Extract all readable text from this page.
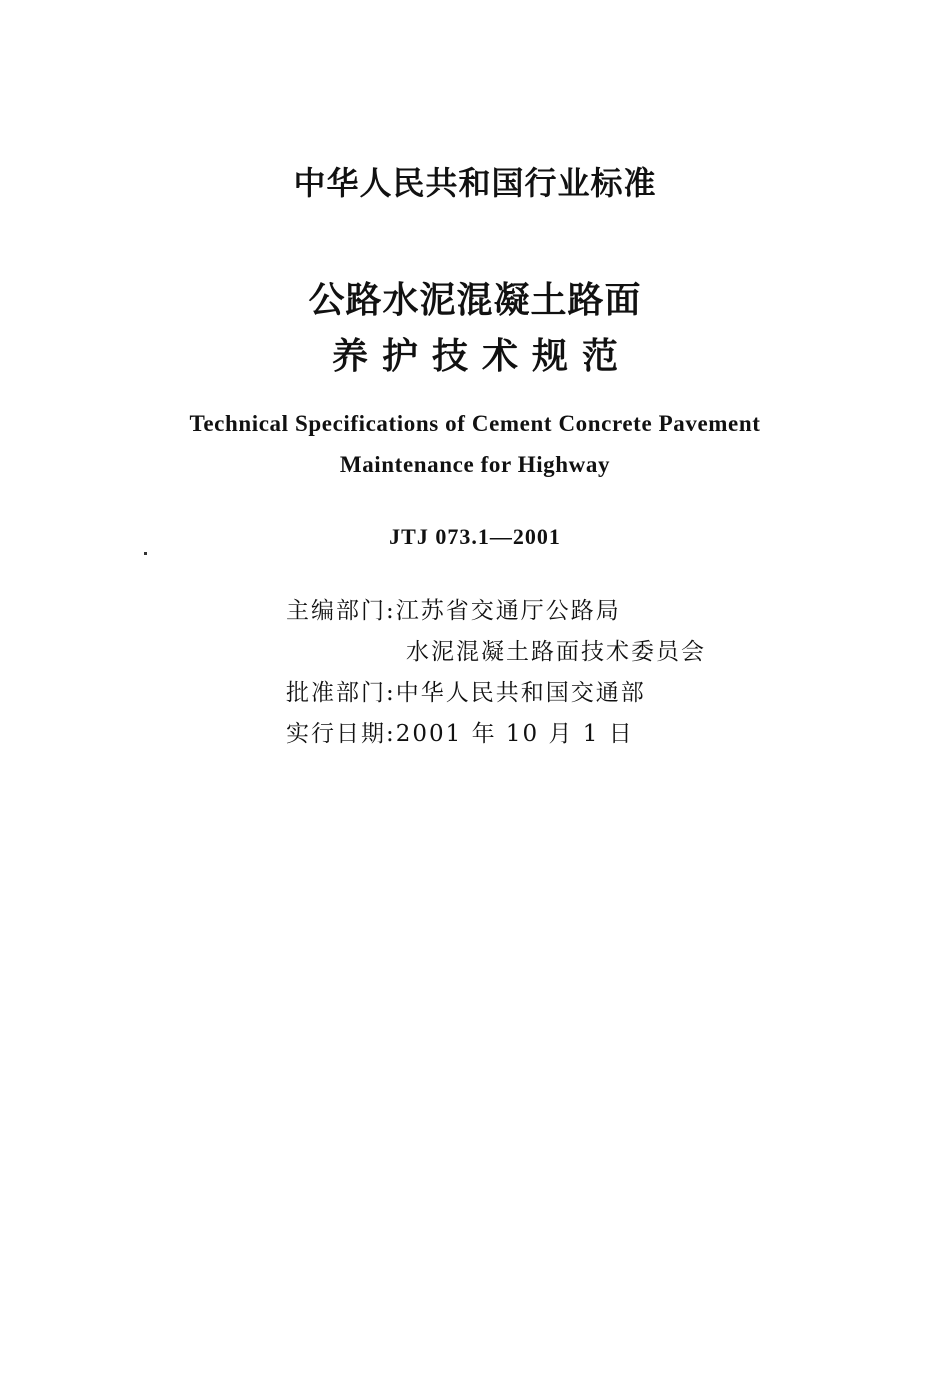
中华人民共和国行业标准
公路水泥混凝土路面
养护技术规范
Technical Specifications of Cement Concrete Pavement
Maintenance for Highway
JTJ 073.1—2001
主编部门:江苏省交通厅公路局
水泥混凝土路面技术委员会
批准部门:中华人民共和国交通部
实行日期:2001 年 10 月 1 日
